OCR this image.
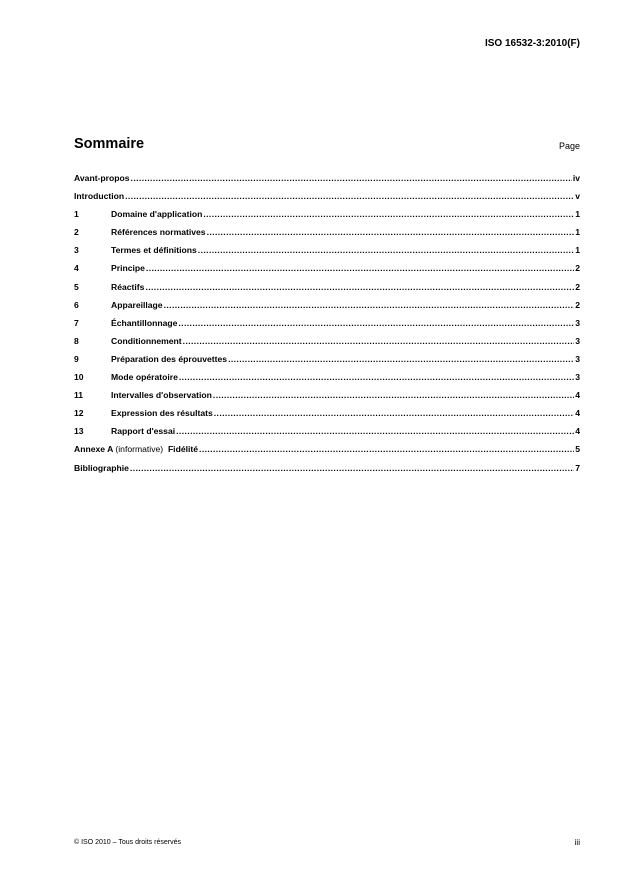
ISO 16532-3:2010(F)
Sommaire	Page
Avant-propos .....	iv
Introduction .....	v
1	Domaine d'application .....	1
2	Références normatives .....	1
3	Termes et définitions .....	1
4	Principe .....	2
5	Réactifs .....	2
6	Appareillage .....	2
7	Échantillonnage .....	3
8	Conditionnement .....	3
9	Préparation des éprouvettes .....	3
10	Mode opératoire .....	3
11	Intervalles d'observation .....	4
12	Expression des résultats .....	4
13	Rapport d'essai .....	4
Annexe A (informative) Fidélité .....	5
Bibliographie .....	7
© ISO 2010 – Tous droits réservés	iii
